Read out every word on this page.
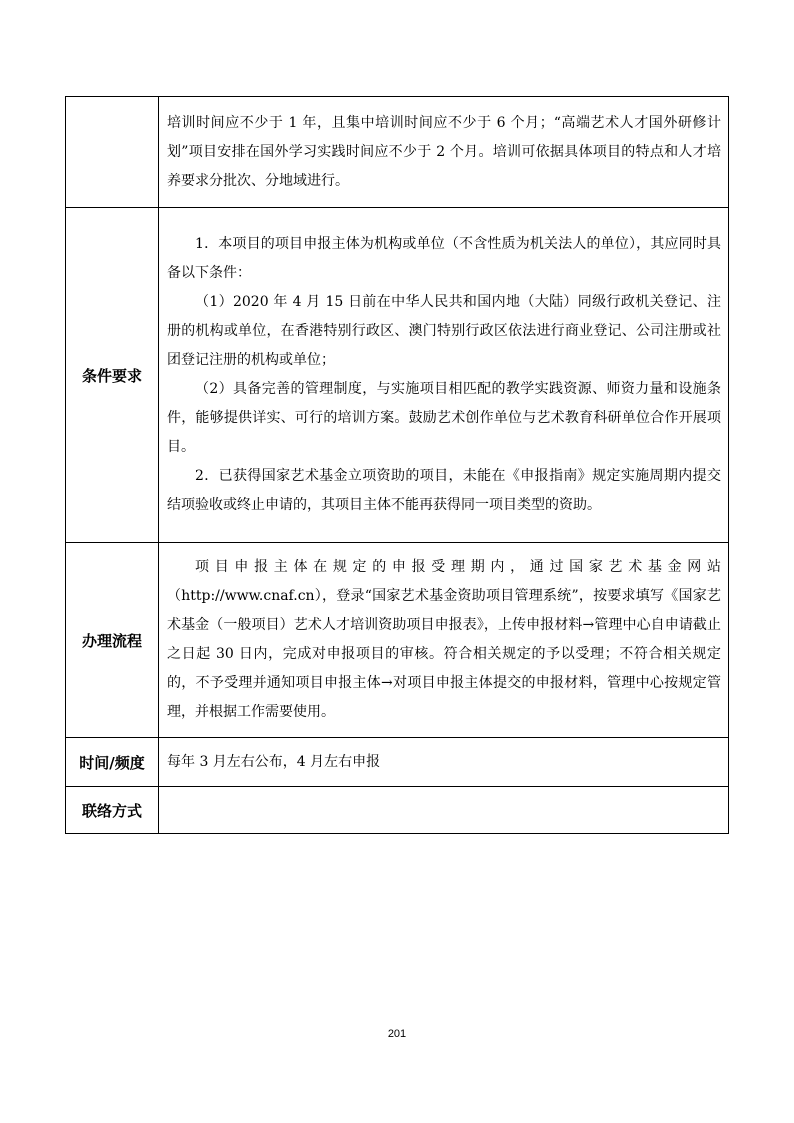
	培训时间应不少于 1 年，且集中培训时间应不少于 6 个月；“高端艺术人才国外研修计划”项目安排在国外学习实践时间应不少于 2 个月。培训可依据具体项目的特点和人才培养要求分批次、分地域进行。

条件要求	1．本项目的项目申报主体为机构或单位（不含性质为机关法人的单位），其应同时具备以下条件：

（1）2020 年 4 月 15 日前在中华人民共和国内地（大陆）同级行政机关登记、注册的机构或单位，在香港特别行政区、澳门特别行政区依法进行商业登记、公司注册或社团登记注册的机构或单位；

（2）具备完善的管理制度，与实施项目相匹配的教学实践资源、师资力量和设施条件，能够提供详实、可行的培训方案。鼓励艺术创作单位与艺术教育科研单位合作开展项目。

2．已获得国家艺术基金立项资助的项目，未能在《申报指南》规定实施周期内提交结项验收或终止申请的，其项目主体不能再获得同一项目类型的资助。

办理流程	项目申报主体在规定的申报受理期内，通过国家艺术基金网站（http://www.cnaf.cn），登录“国家艺术基金资助项目管理系统”，按要求填写《国家艺术基金（一般项目）艺术人才培训资助项目申报表》，上传申报材料→管理中心自申请截止之日起 30 日内，完成对申报项目的审核。符合相关规定的予以受理；不符合相关规定的，不予受理并通知项目申报主体→对项目申报主体提交的申报材料，管理中心按规定管理，并根据工作需要使用。

时间/频度	每年 3 月左右公布，4 月左右申报

联络方式	

201
